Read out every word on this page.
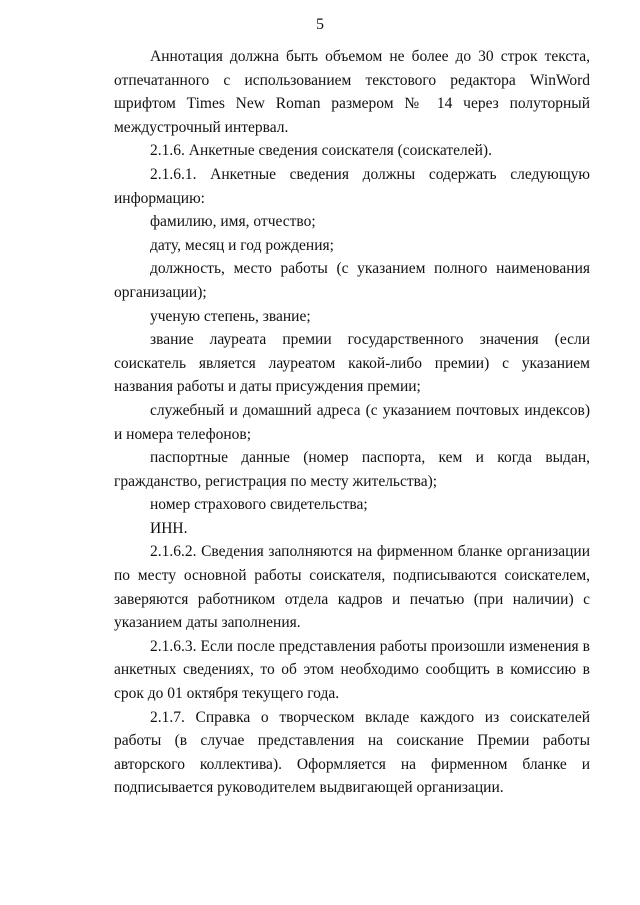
5

Аннотация должна быть объемом не более до 30 строк текста, отпечатанного с использованием текстового редактора WinWord шрифтом Times New Roman размером № 14 через полуторный междустрочный интервал.

2.1.6. Анкетные сведения соискателя (соискателей).

2.1.6.1. Анкетные сведения должны содержать следующую информацию:

фамилию, имя, отчество;

дату, месяц и год рождения;

должность, место работы (с указанием полного наименования организации);

ученую степень, звание;

звание лауреата премии государственного значения (если соискатель является лауреатом какой-либо премии) с указанием названия работы и даты присуждения премии;

служебный и домашний адреса (с указанием почтовых индексов) и номера телефонов;

паспортные данные (номер паспорта, кем и когда выдан, гражданство, регистрация по месту жительства);

номер страхового свидетельства;

ИНН.

2.1.6.2. Сведения заполняются на фирменном бланке организации по месту основной работы соискателя, подписываются соискателем, заверяются работником отдела кадров и печатью (при наличии) с указанием даты заполнения.

2.1.6.3. Если после представления работы произошли изменения в анкетных сведениях, то об этом необходимо сообщить в комиссию в срок до 01 октября текущего года.

2.1.7. Справка о творческом вкладе каждого из соискателей работы (в случае представления на соискание Премии работы авторского коллектива). Оформляется на фирменном бланке и подписывается руководителем выдвигающей организации.
